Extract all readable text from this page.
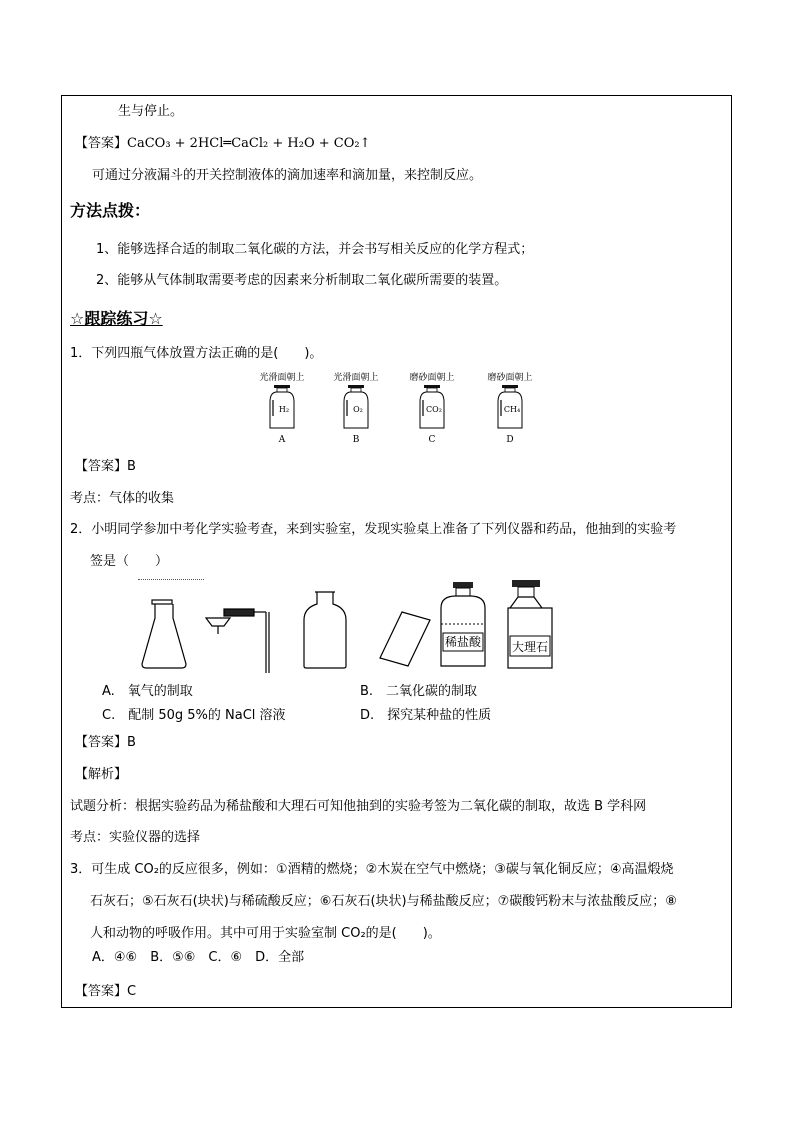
生与停止。
【答案】CaCO₃ + 2HCl═CaCl₂ + H₂O + CO₂↑
可通过分液漏斗的开关控制液体的滴加速率和滴加量，来控制反应。
方法点拨：
1、能够选择合适的制取二氧化碳的方法，并会书写相关反应的化学方程式；
2、能够从气体制取需要考虑的因素来分析制取二氧化碳所需要的装置。
☆跟踪练习☆
1．下列四瓶气体放置方法正确的是(　　)。
光滑面朝上
H₂
A
光滑面朝上
O₂
B
磨砂面朝上
CO₂
C
磨砂面朝上
CH₄
D
【答案】B
考点：气体的收集
2．小明同学参加中考化学实验考查，来到实验室，发现实验桌上准备了下列仪器和药品，他抽到的实验考
签是（　　）
稀盐酸	大理石
A.　氧气的制取	B.　二氧化碳的制取
C.　配制 50g 5%的 NaCl 溶液	D.　探究某种盐的性质
【答案】B
【解析】
试题分析：根据实验药品为稀盐酸和大理石可知他抽到的实验考签为二氧化碳的制取，故选 B 学科网
考点：实验仪器的选择
3．可生成 CO₂的反应很多，例如：①酒精的燃烧；②木炭在空气中燃烧；③碳与氧化铜反应；④高温煅烧
石灰石；⑤石灰石(块状)与稀硫酸反应；⑥石灰石(块状)与稀盐酸反应；⑦碳酸钙粉末与浓盐酸反应；⑧
人和动物的呼吸作用。其中可用于实验室制 CO₂的是(　　)。
A．④⑥　B．⑤⑥　C．⑥　D．全部
【答案】C
